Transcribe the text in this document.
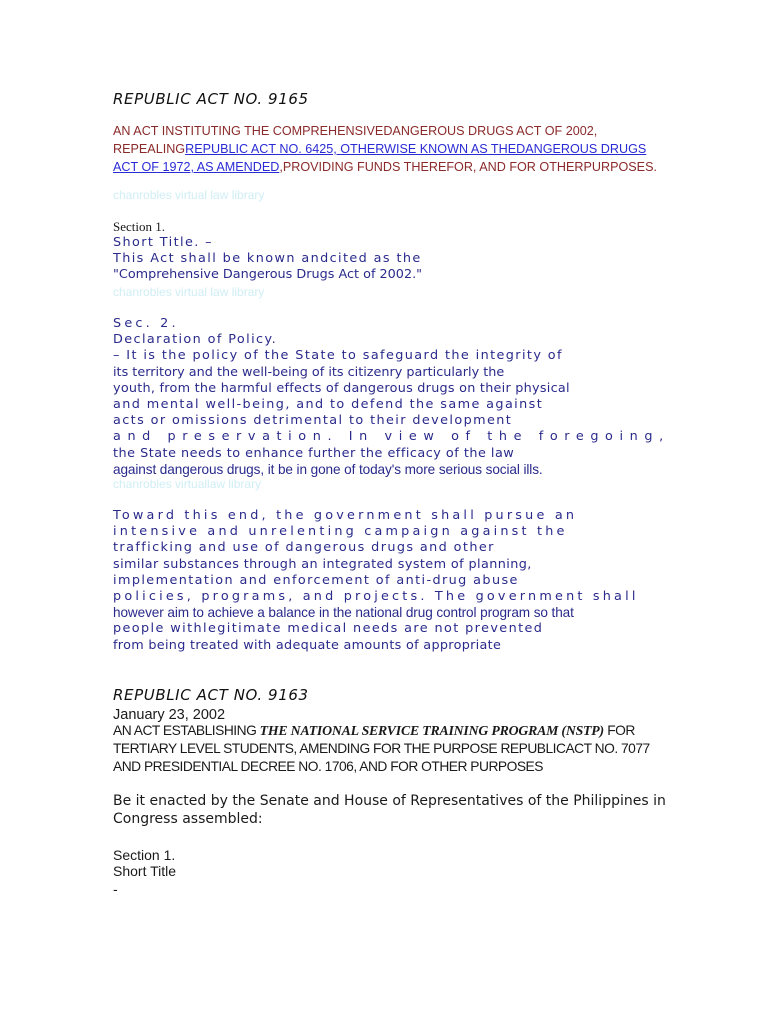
REPUBLIC ACT NO. 9165
AN ACT INSTITUTING THE COMPREHENSIVEDANGEROUS DRUGS ACT OF 2002, REPEALINGREPUBLIC ACT NO. 6425, OTHERWISE KNOWN AS THEDANGEROUS DRUGS ACT OF 1972, AS AMENDED,PROVIDING FUNDS THEREFOR, AND FOR OTHERPURPOSES.
chanrobles virtual law library
Section 1.
Short Title. –
This Act shall be known andcited as the
"Comprehensive Dangerous Drugs Act of 2002."
chanrobles virtual law library
Sec. 2.
Declaration of Policy.
– It is the policy of the State to safeguard the integrity of
its territory and the well-being of its citizenry particularly the
youth, from the harmful effects of dangerous drugs on their physical
and mental well-being, and to defend the same against
acts or omissions detrimental to their development
and preservation. In view of the foregoing,
the State needs to enhance further the efficacy of the law
against dangerous drugs, it be in gone of today's more serious social ills.
chanrobles virtuallaw library
Toward this end, the government shall pursue an
intensive and unrelenting campaign against the
trafficking and use of dangerous drugs and other
similar substances through an integrated system of planning,
implementation and enforcement of anti-drug abuse
policies, programs, and projects. The government shall
however aim to achieve a balance in the national drug control program so that
people withlegitimate medical needs are not prevented
from being treated with adequate amounts of appropriate
REPUBLIC ACT NO. 9163
January 23, 2002
AN ACT ESTABLISHING THE NATIONAL SERVICE TRAINING PROGRAM (NSTP) FOR TERTIARY LEVEL STUDENTS, AMENDING FOR THE PURPOSE REPUBLICACT NO. 7077 AND PRESIDENTIAL DECREE NO. 1706, AND FOR OTHER PURPOSES
Be it enacted by the Senate and House of Representatives of the Philippines in Congress assembled:
Section 1.
Short Title
-
